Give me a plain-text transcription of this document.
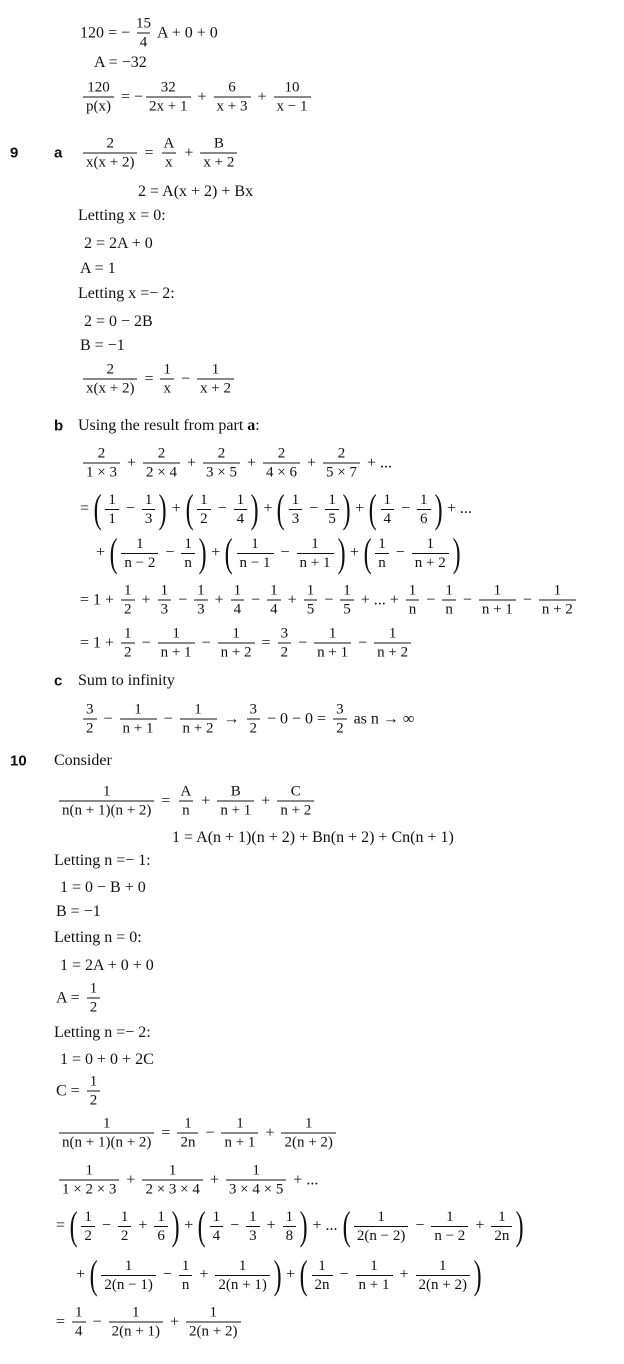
9 a
b
c
10
120 = − $\frac{15}{4}$ A + 0 + 0
A = −32
$\frac{120}{p(x)}$ = − $\frac{32}{2x + 1} + \frac{6}{x + 3} + \frac{10}{x - 1}$
$\frac{2}{x(x + 2)} = \frac{A}{x} + \frac{B}{x + 2}$
2 = A(x + 2) + Bx
Letting x = 0:
2 = 2A + 0
A = 1
Letting x =− 2:
2 = 0 − 2B
B = −1
$\frac{2}{x(x + 2)} = \frac{1}{x} - \frac{1}{x + 2}$
Using the result from part a :
$\frac{2}{1 \times 3} + \frac{2}{2 \times 4} + \frac{2}{3 \times 5} + \frac{2}{4 \times 6} + \frac{2}{5 \times 7}$ + ...
= ( $\frac{1}{1} - \frac{1}{3}$ ) + ( $\frac{1}{2} - \frac{1}{4}$ ) + ( $\frac{1}{3} - \frac{1}{5}$ ) + ( $\frac{1}{4} - \frac{1}{6}$ ) + ...
+ ( $\frac{1}{n - 2} - \frac{1}{n}$ ) + ( $\frac{1}{n - 1} - \frac{1}{n + 1}$ ) + ( $\frac{1}{n} - \frac{1}{n + 2}$ )
= $1 + \frac{1}{2} + \frac{1}{3} - \frac{1}{3} + \frac{1}{4} - \frac{1}{4} + \frac{1}{5} - \frac{1}{5}$ + ... + $\frac{1}{n} - \frac{1}{n} - \frac{1}{n + 1} - \frac{1}{n + 2}$
= $1 + \frac{1}{2} - \frac{1}{n + 1} - \frac{1}{n + 2} = \frac{3}{2} - \frac{1}{n + 1} - \frac{1}{n + 2}$
Sum to infinity
$\frac{3}{2} - \frac{1}{n + 1} - \frac{1}{n + 2} \to \frac{3}{2} - 0 - 0 = \frac{3}{2}$ as n → ∞
Consider
$\frac{1}{n(n + 1)(n + 2)} = \frac{A}{n} + \frac{B}{n + 1} + \frac{C}{n + 2}$
1 = A(n + 1)(n + 2) + Bn(n + 2) + Cn(n + 1)
Letting n =− 1:
1 = 0 − B + 0
B = −1
Letting n = 0:
1 = 2A + 0 + 0
$A = \frac{1}{2}$
Letting n =− 2:
1 = 0 + 0 + 2C
$C = \frac{1}{2}$
$\frac{1}{n(n + 1)(n + 2)} = \frac{1}{2n} - \frac{1}{n + 1} + \frac{1}{2(n + 2)}$
$\frac{1}{1 \times 2 \times 3} + \frac{1}{2 \times 3 \times 4} + \frac{1}{3 \times 4 \times 5}$ + ...
= ( $\frac{1}{2} - \frac{1}{2} + \frac{1}{6}$ ) + ( $\frac{1}{4} - \frac{1}{3} + \frac{1}{8}$ ) + ... ( $\frac{1}{2(n - 2)} - \frac{1}{n - 2} + \frac{1}{2n}$ )
+ ( $\frac{1}{2(n - 1)} - \frac{1}{n} + \frac{1}{2(n + 1)}$ ) + ( $\frac{1}{2n} - \frac{1}{n + 1} + \frac{1}{2(n + 2)}$ )
= $\frac{1}{4} - \frac{1}{2(n + 1)} + \frac{1}{2(n + 2)}$
